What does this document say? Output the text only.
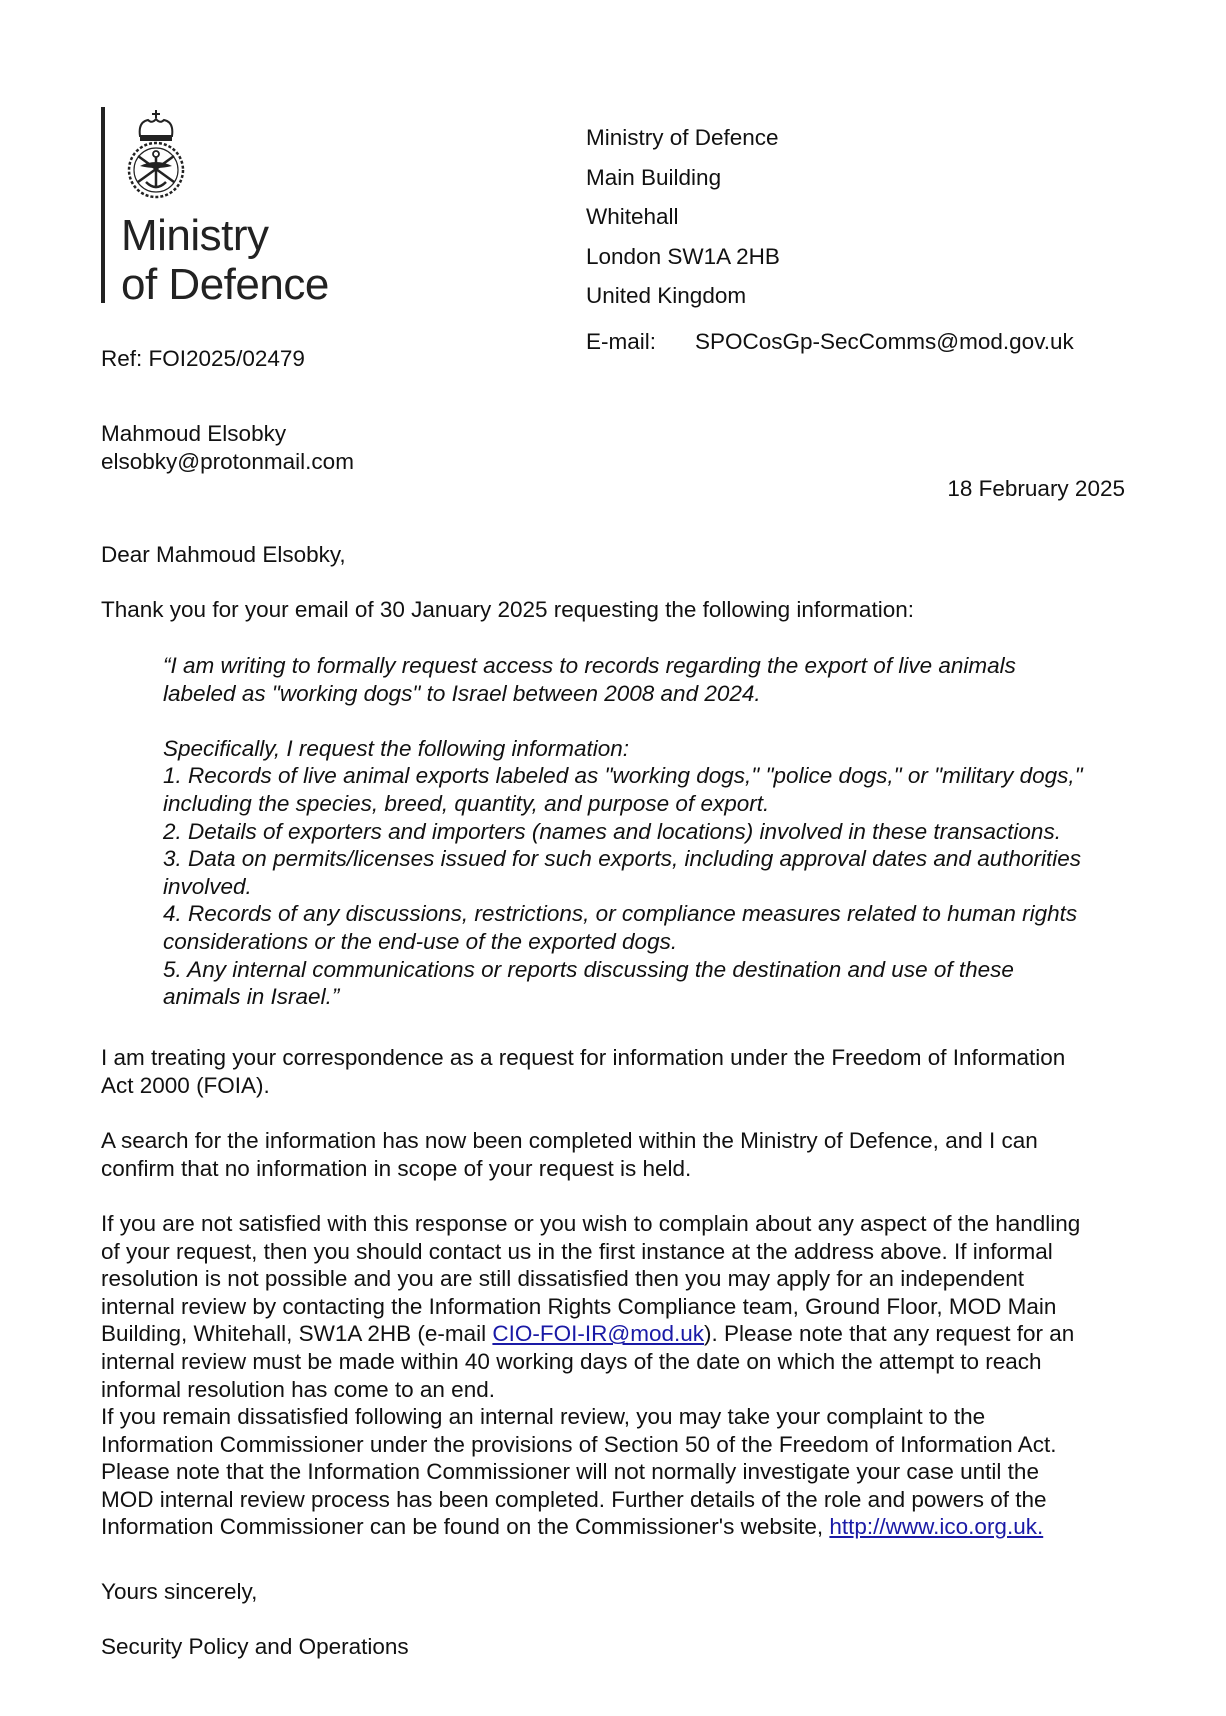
Ministry
of Defence
Ministry of Defence
Main Building
Whitehall
London SW1A 2HB
United Kingdom
E-mail: SPOCosGp-SecComms@mod.gov.uk
Ref: FOI2025/02479
Mahmoud Elsobky
elsobky@protonmail.com
18 February 2025
Dear Mahmoud Elsobky,
Thank you for your email of 30 January 2025 requesting the following information:
“I am writing to formally request access to records regarding the export of live animals
labeled as "working dogs" to Israel between 2008 and 2024.
Specifically, I request the following information:
1. Records of live animal exports labeled as "working dogs," "police dogs," or "military dogs,"
including the species, breed, quantity, and purpose of export.
2. Details of exporters and importers (names and locations) involved in these transactions.
3. Data on permits/licenses issued for such exports, including approval dates and authorities
involved.
4. Records of any discussions, restrictions, or compliance measures related to human rights
considerations or the end-use of the exported dogs.
5. Any internal communications or reports discussing the destination and use of these
animals in Israel.”
I am treating your correspondence as a request for information under the Freedom of Information
Act 2000 (FOIA).
A search for the information has now been completed within the Ministry of Defence, and I can
confirm that no information in scope of your request is held.
If you are not satisfied with this response or you wish to complain about any aspect of the handling
of your request, then you should contact us in the first instance at the address above. If informal
resolution is not possible and you are still dissatisfied then you may apply for an independent
internal review by contacting the Information Rights Compliance team, Ground Floor, MOD Main
Building, Whitehall, SW1A 2HB (e-mail CIO-FOI-IR@mod.uk). Please note that any request for an
internal review must be made within 40 working days of the date on which the attempt to reach
informal resolution has come to an end.
If you remain dissatisfied following an internal review, you may take your complaint to the
Information Commissioner under the provisions of Section 50 of the Freedom of Information Act.
Please note that the Information Commissioner will not normally investigate your case until the
MOD internal review process has been completed. Further details of the role and powers of the
Information Commissioner can be found on the Commissioner's website, http://www.ico.org.uk.
Yours sincerely,
Security Policy and Operations
